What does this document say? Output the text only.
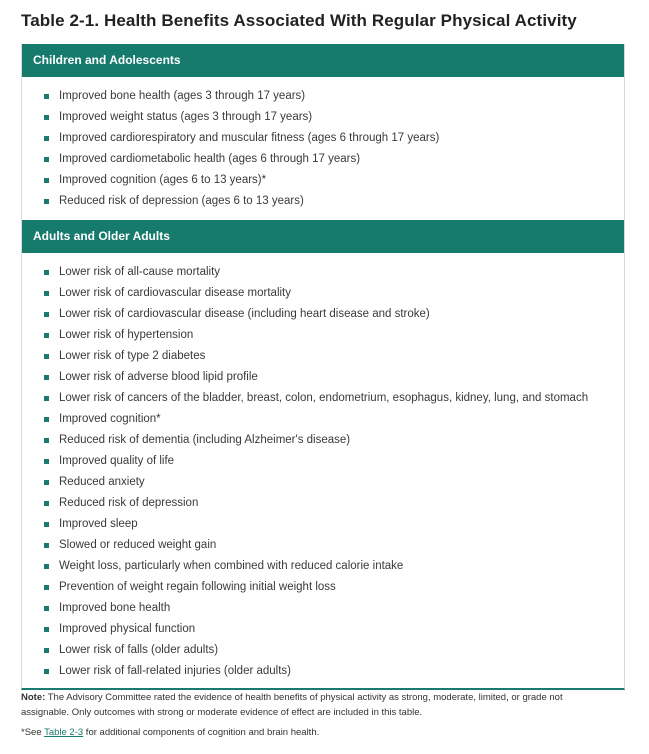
Table 2-1. Health Benefits Associated With Regular Physical Activity
Children and Adolescents
Improved bone health (ages 3 through 17 years)
Improved weight status (ages 3 through 17 years)
Improved cardiorespiratory and muscular fitness (ages 6 through 17 years)
Improved cardiometabolic health (ages 6 through 17 years)
Improved cognition (ages 6 to 13 years)*
Reduced risk of depression (ages 6 to 13 years)
Adults and Older Adults
Lower risk of all-cause mortality
Lower risk of cardiovascular disease mortality
Lower risk of cardiovascular disease (including heart disease and stroke)
Lower risk of hypertension
Lower risk of type 2 diabetes
Lower risk of adverse blood lipid profile
Lower risk of cancers of the bladder, breast, colon, endometrium, esophagus, kidney, lung, and stomach
Improved cognition*
Reduced risk of dementia (including Alzheimer's disease)
Improved quality of life
Reduced anxiety
Reduced risk of depression
Improved sleep
Slowed or reduced weight gain
Weight loss, particularly when combined with reduced calorie intake
Prevention of weight regain following initial weight loss
Improved bone health
Improved physical function
Lower risk of falls (older adults)
Lower risk of fall-related injuries (older adults)

Note: The Advisory Committee rated the evidence of health benefits of physical activity as strong, moderate, limited, or grade not assignable. Only outcomes with strong or moderate evidence of effect are included in this table.

*See Table 2-3 for additional components of cognition and brain health.
